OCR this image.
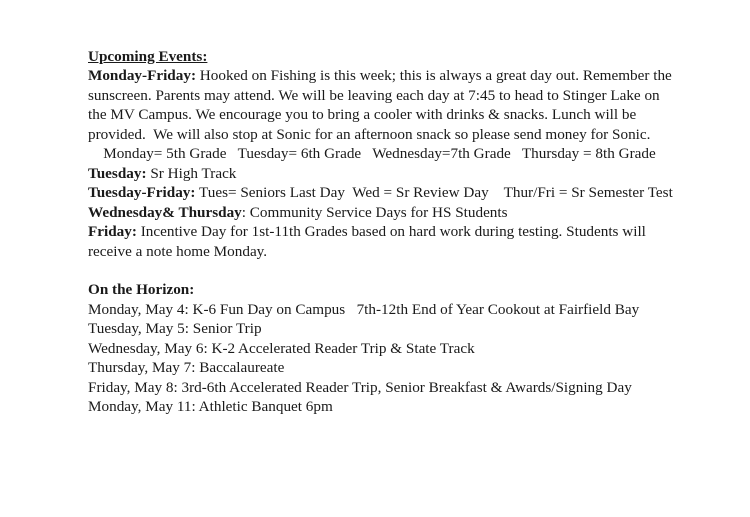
Upcoming Events:
Monday-Friday: Hooked on Fishing is this week; this is always a great day out. Remember the
sunscreen. Parents may attend. We will be leaving each day at 7:45 to head to Stinger Lake on
the MV Campus. We encourage you to bring a cooler with drinks & snacks. Lunch will be
provided.  We will also stop at Sonic for an afternoon snack so please send money for Sonic.
Monday= 5th Grade   Tuesday= 6th Grade   Wednesday=7th Grade   Thursday = 8th Grade
Tuesday: Sr High Track
Tuesday-Friday: Tues= Seniors Last Day  Wed = Sr Review Day    Thur/Fri = Sr Semester Test
Wednesday& Thursday: Community Service Days for HS Students
Friday: Incentive Day for 1st-11th Grades based on hard work during testing. Students will
receive a note home Monday.
On the Horizon:
Monday, May 4: K-6 Fun Day on Campus   7th-12th End of Year Cookout at Fairfield Bay
Tuesday, May 5: Senior Trip
Wednesday, May 6: K-2 Accelerated Reader Trip & State Track
Thursday, May 7: Baccalaureate
Friday, May 8: 3rd-6th Accelerated Reader Trip, Senior Breakfast & Awards/Signing Day
Monday, May 11: Athletic Banquet 6pm
